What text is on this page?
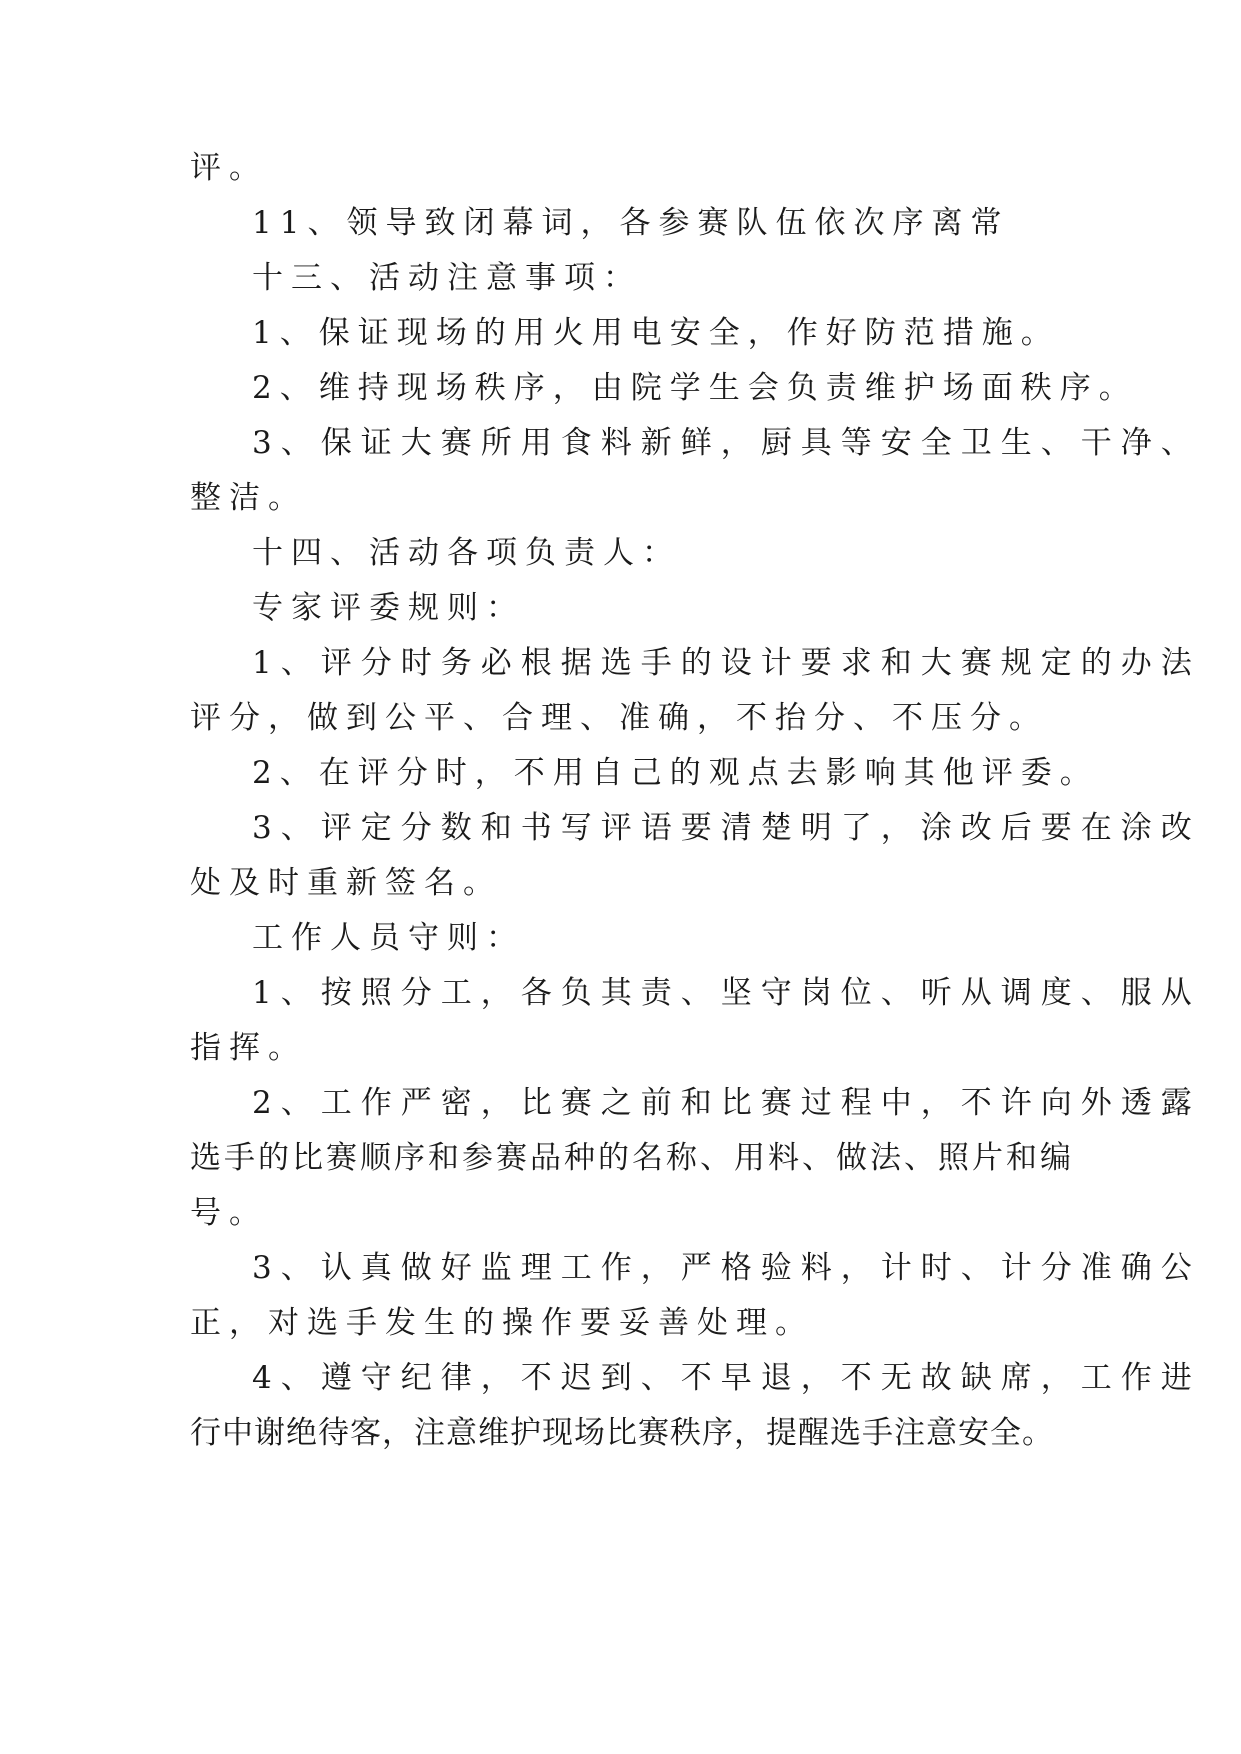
评。
11、领导致闭幕词，各参赛队伍依次序离常
十三、活动注意事项：
1、保证现场的用火用电安全，作好防范措施。
2、维持现场秩序，由院学生会负责维护场面秩序。
3、保证大赛所用食料新鲜，厨具等安全卫生、干净、
整洁。
十四、活动各项负责人：
专家评委规则：
1、评分时务必根据选手的设计要求和大赛规定的办法
评分，做到公平、合理、准确，不抬分、不压分。
2、在评分时，不用自己的观点去影响其他评委。
3、评定分数和书写评语要清楚明了，涂改后要在涂改
处及时重新签名。
工作人员守则：
1、按照分工，各负其责、坚守岗位、听从调度、服从
指挥。
2、工作严密，比赛之前和比赛过程中，不许向外透露
选手的比赛顺序和参赛品种的名称、用料、做法、照片和编
号。
3、认真做好监理工作，严格验料，计时、计分准确公
正，对选手发生的操作要妥善处理。
4、遵守纪律，不迟到、不早退，不无故缺席，工作进
行中谢绝待客，注意维护现场比赛秩序，提醒选手注意安全。
